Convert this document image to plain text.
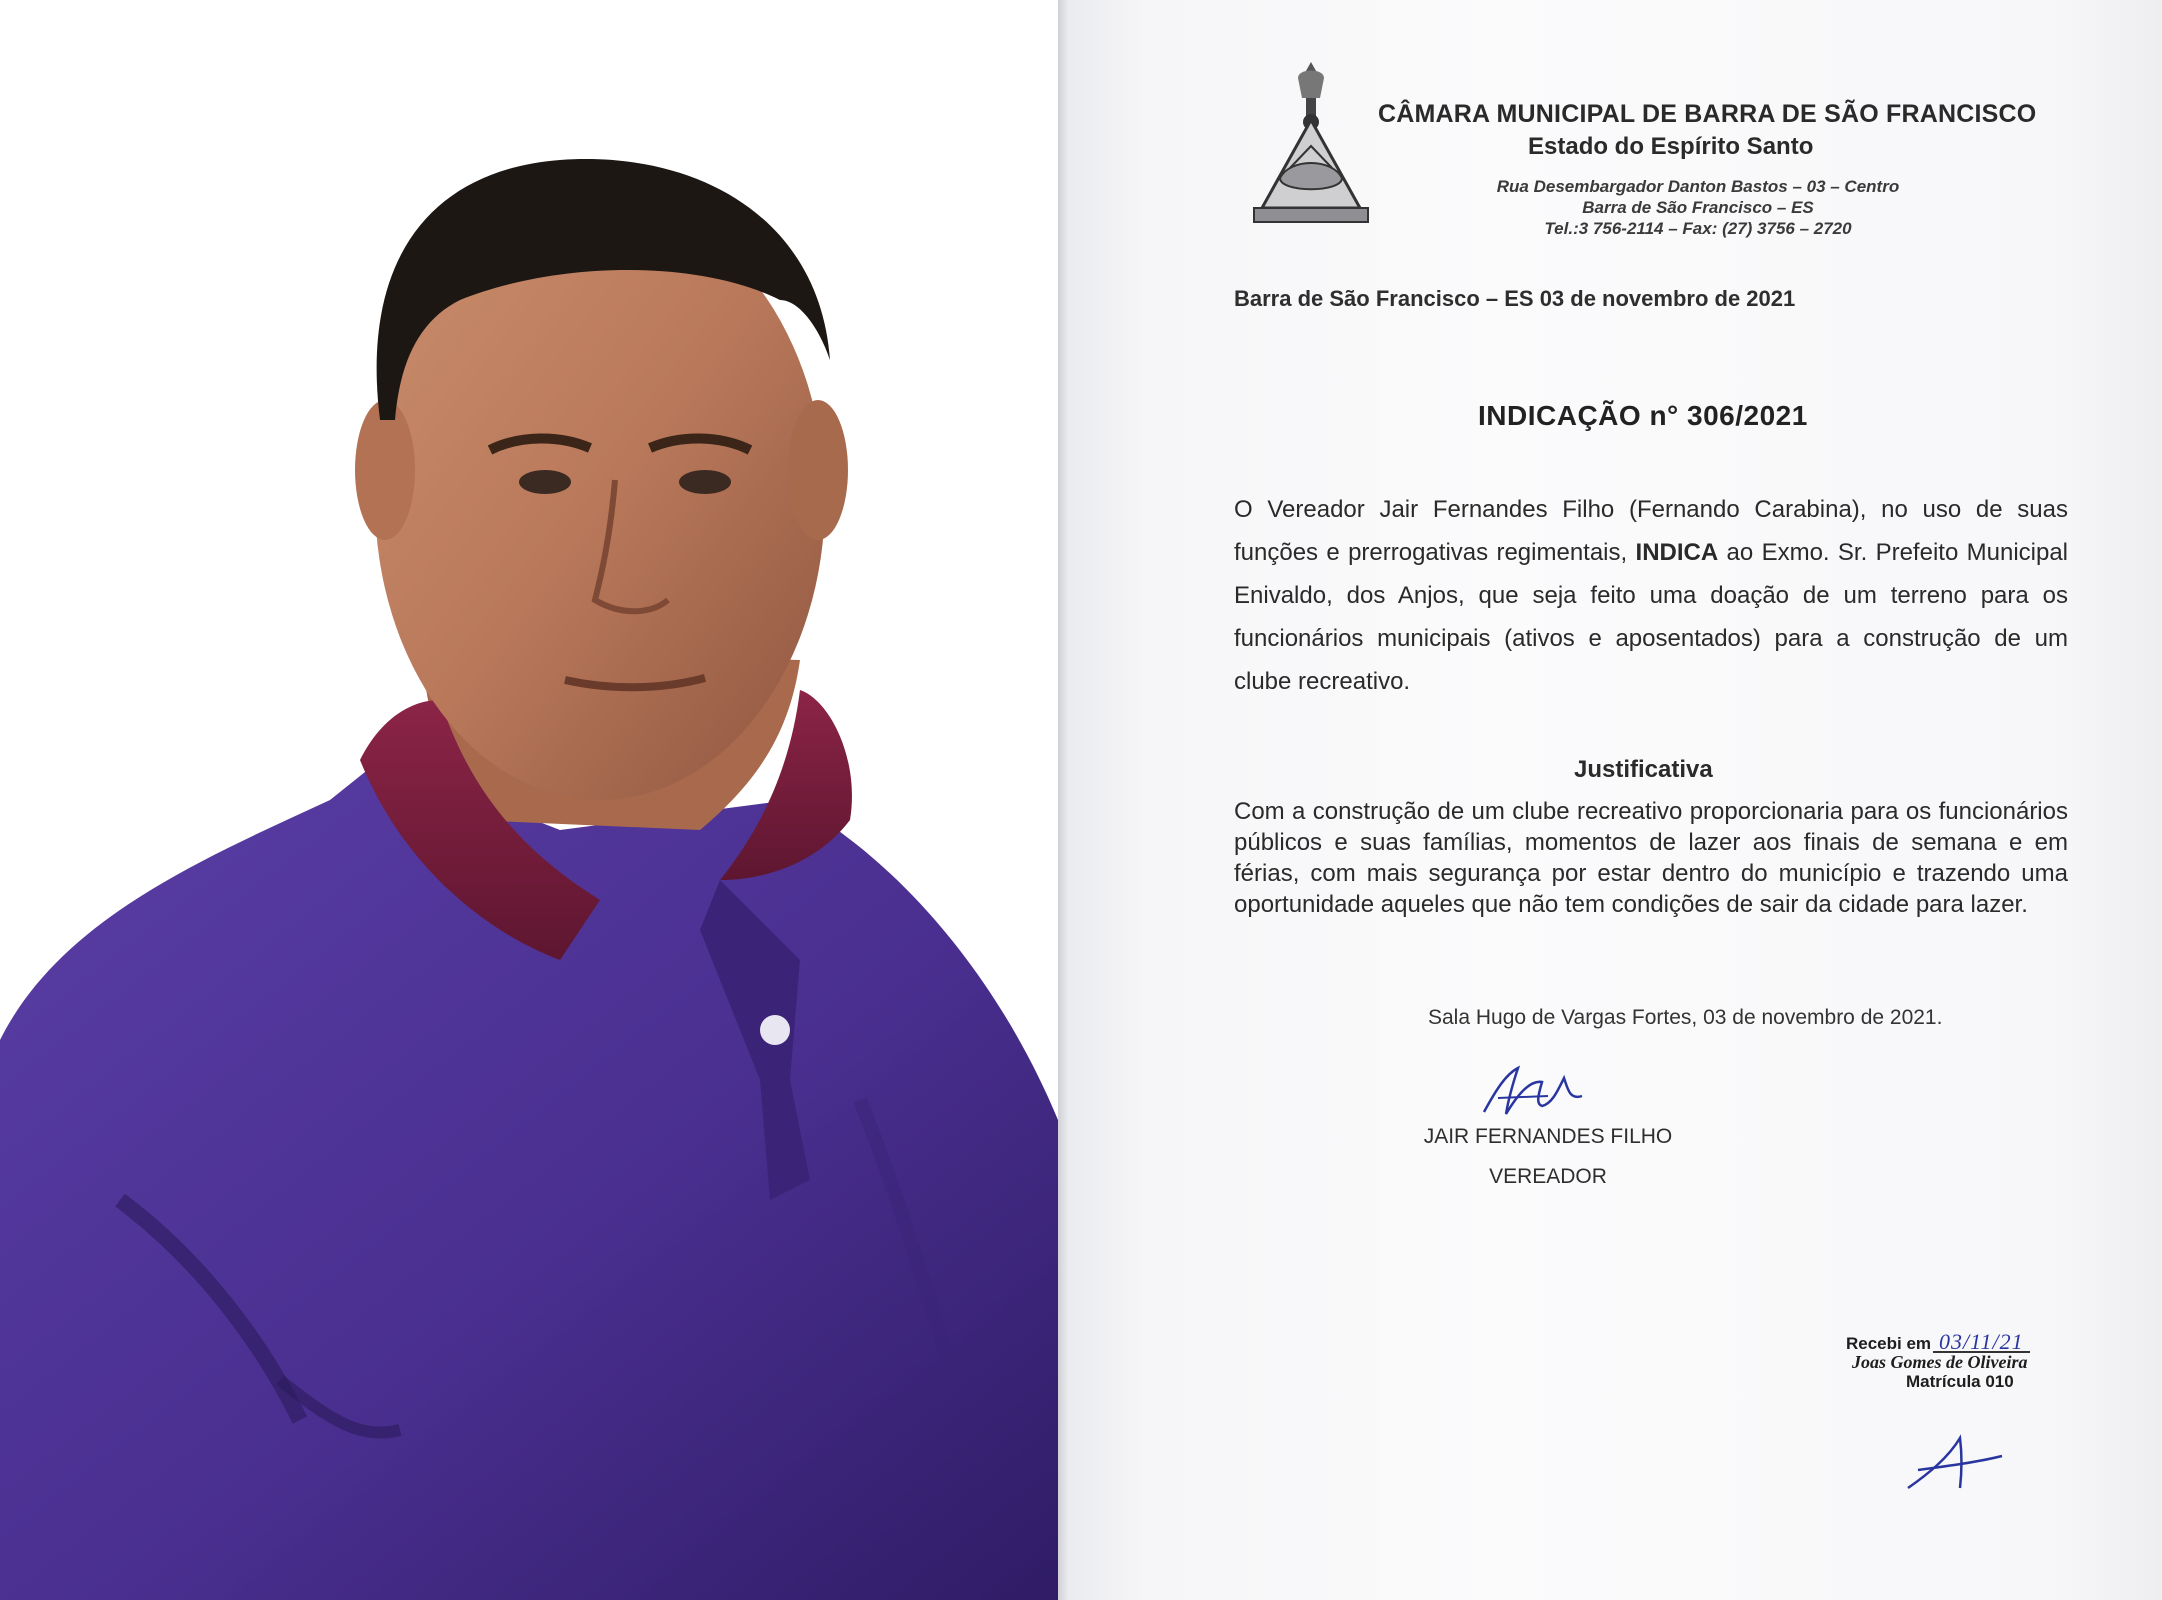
CÂMARA MUNICIPAL DE BARRA DE SÃO FRANCISCO
Estado do Espírito Santo
Rua Desembargador Danton Bastos – 03 – Centro
Barra de São Francisco – ES
Tel.:3 756-2114 – Fax: (27) 3756 – 2720
Barra de São Francisco – ES 03 de novembro de 2021
INDICAÇÃO n° 306/2021
O Vereador Jair Fernandes Filho (Fernando Carabina), no uso de suas funções e prerrogativas regimentais, INDICA ao Exmo. Sr. Prefeito Municipal Enivaldo, dos Anjos, que seja feito uma doação de um terreno para os funcionários municipais (ativos e aposentados) para a construção de um clube recreativo.
Justificativa
Com a construção de um clube recreativo proporcionaria para os funcionários públicos e suas famílias, momentos de lazer aos finais de semana e em férias, com mais segurança por estar dentro do município e trazendo uma oportunidade aqueles que não tem condições de sair da cidade para lazer.
Sala Hugo de Vargas Fortes, 03 de novembro de 2021.
JAIR FERNANDES FILHO
VEREADOR
Recebi em 03/11/21
Joas Gomes de Oliveira
Matrícula 010
